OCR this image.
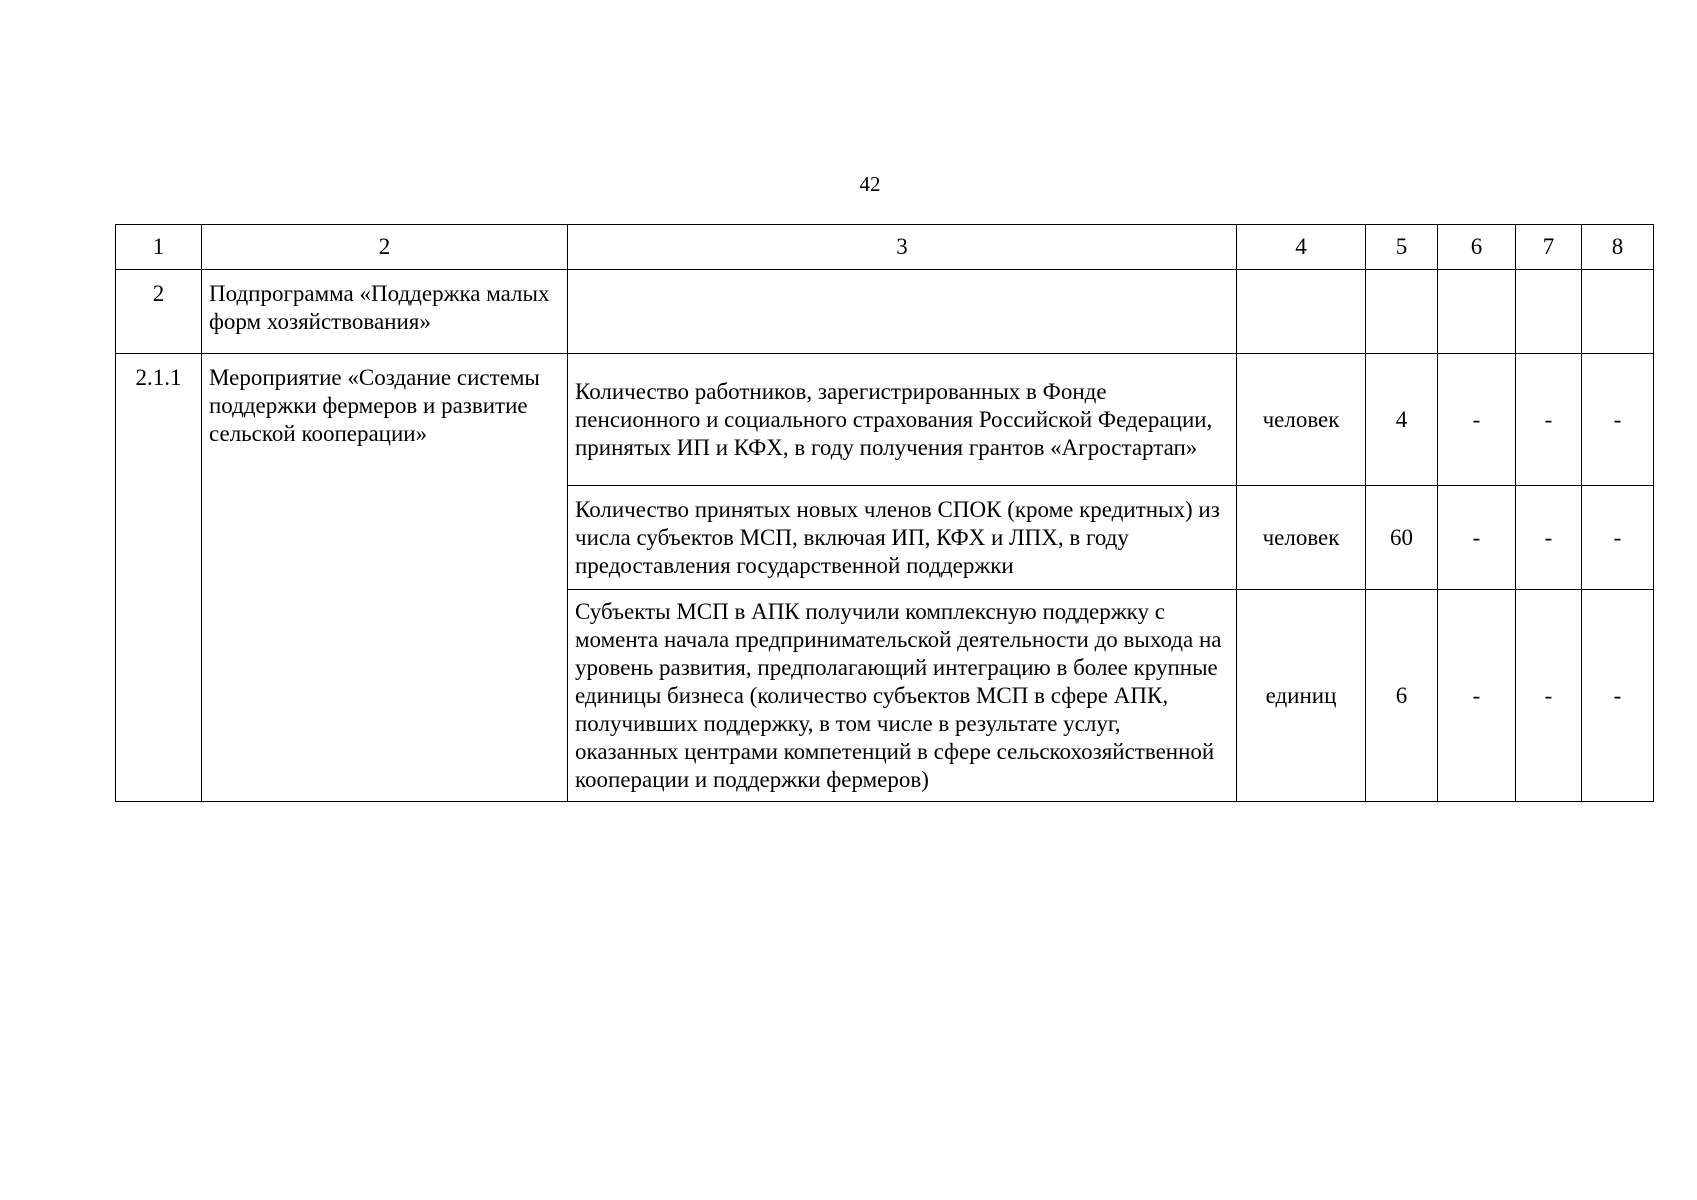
42
1	2	3	4	5	6	7	8
2	Подпрограмма «Поддержка малых форм хозяйствования»						
2.1.1	Мероприятие «Создание системы поддержки фермеров и развитие сельской кооперации»	Количество работников, зарегистрированных в Фонде пенсионного и социального страхования Российской Федерации, принятых ИП и КФХ, в году получения грантов «Агростартап»	человек	4	-	-	-
		Количество принятых новых членов СПОК (кроме кредитных) из числа субъектов МСП, включая ИП, КФХ и ЛПХ, в году предоставления государственной поддержки	человек	60	-	-	-
		Субъекты МСП в АПК получили комплексную поддержку с момента начала предпринимательской деятельности до выхода на уровень развития, предполагающий интеграцию в более крупные единицы бизнеса (количество субъектов МСП в сфере АПК, получивших поддержку, в том числе в результате услуг, оказанных центрами компетенций в сфере сельскохозяйственной кооперации и поддержки фермеров)	единиц	6	-	-	-
